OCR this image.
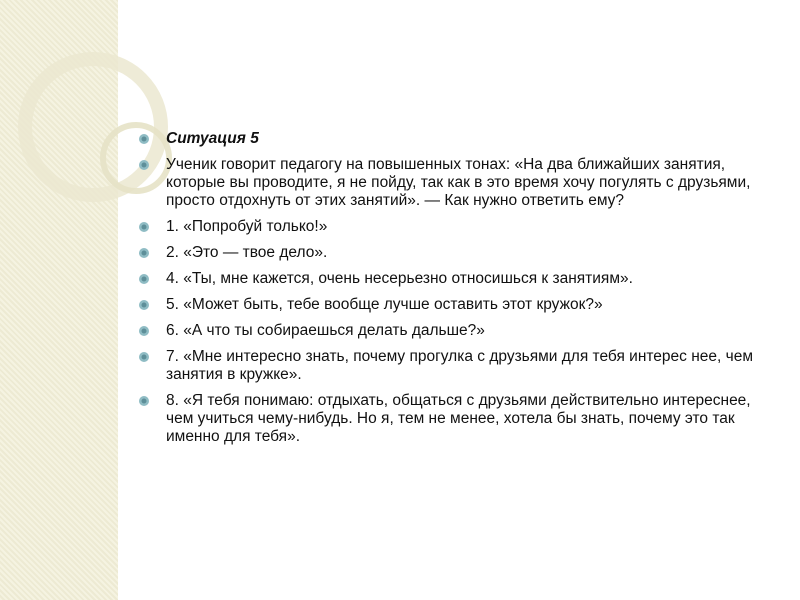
Ситуация 5
Ученик говорит педагогу на повышенных тонах: «На два ближайших занятия, которые вы проводите, я не пойду, так как в это время хочу погулять с друзьями, просто отдохнуть от этих занятий». — Как нужно ответить ему?
1. «Попробуй только!»
2. «Это — твое дело».
4. «Ты, мне кажется, очень несерьезно относишься к занятиям».
5. «Может быть, тебе вообще лучше оставить этот кружок?»
6. «А что ты собираешься делать дальше?»
7. «Мне интересно знать, почему прогулка с друзьями для тебя интерес нее, чем занятия в кружке».
8. «Я тебя понимаю: отдыхать, общаться с друзьями действительно интереснее, чем учиться чему-нибудь. Но я, тем не менее, хотела бы знать, почему это так именно для тебя».
